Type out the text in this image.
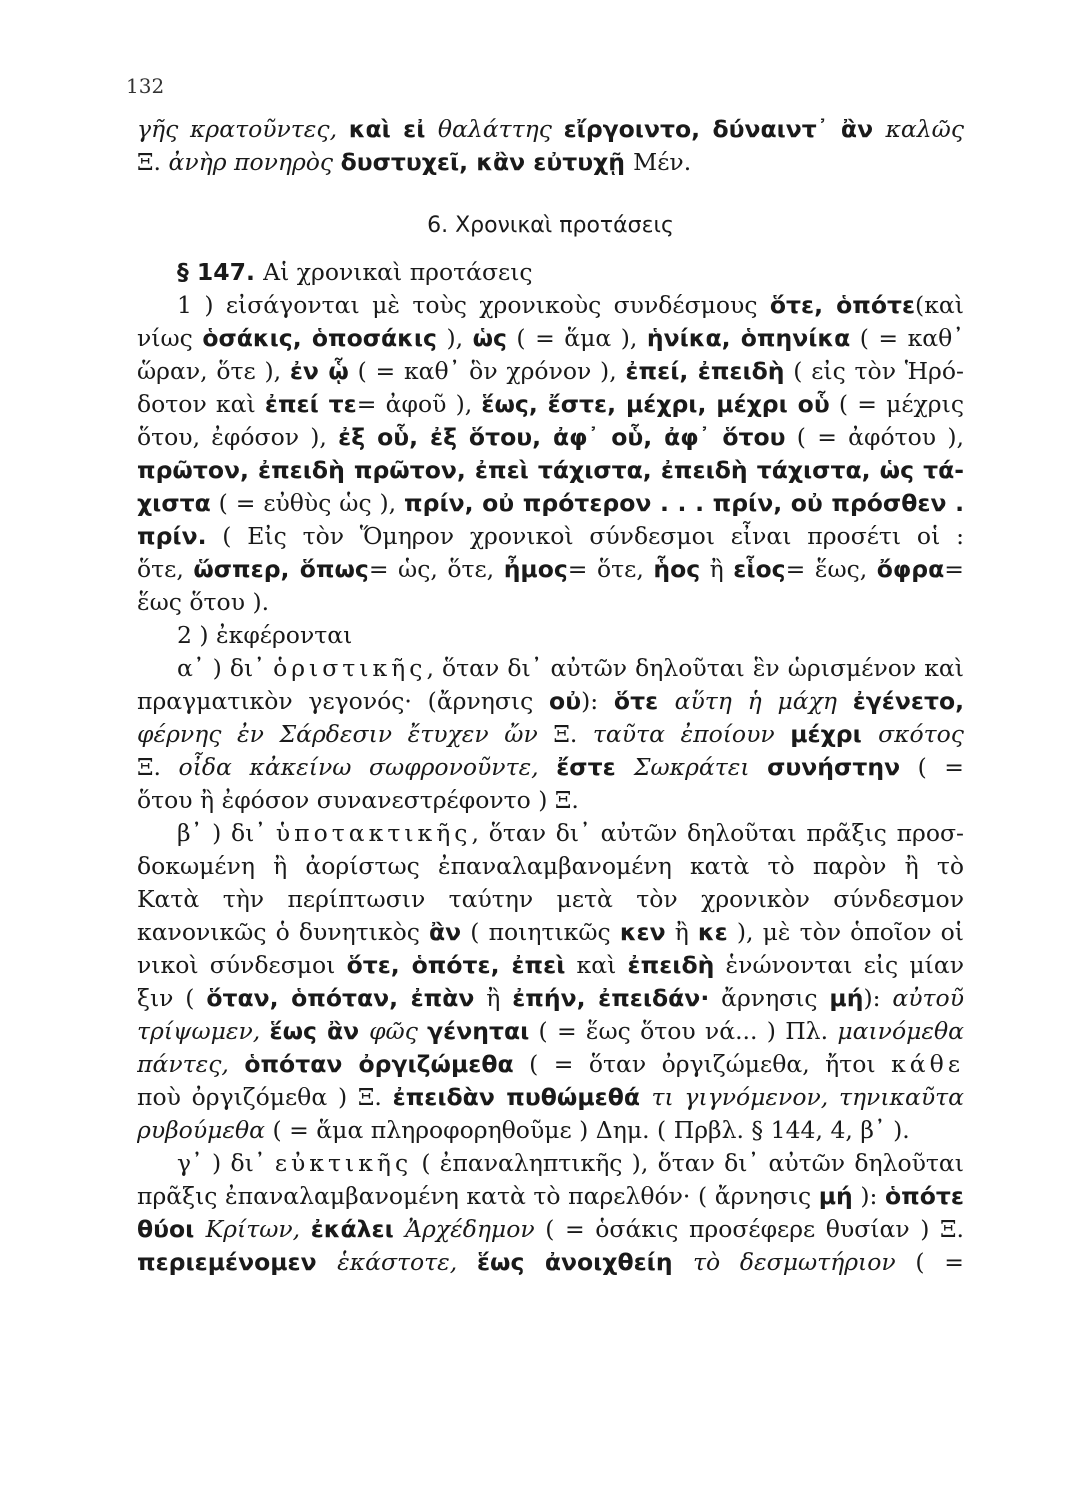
132
γῆς κρατοῦντες, καὶ εἰ θαλάττης εἴργοιντο, δύναιντ᾽ ἂν καλῶς
Ξ. ἀνὴρ πονηρὸς δυστυχεῖ, κἂν εὐτυχῇ Μέν.
6. Χρονικαὶ προτάσεις
§ 147. Αἱ χρονικαὶ προτάσεις
1 ) εἰσάγονται μὲ τοὺς χρονικοὺς συνδέσμους ὅτε, ὁπότε(καὶ
νίως ὁσάκις, ὁποσάκις ), ὡς ( = ἅμα ), ἡνίκα, ὁπηνίκα ( = καθ᾽
ὥραν, ὅτε ), ἐν ᾧ ( = καθ᾽ ὃν χρόνον ), ἐπεί, ἐπειδὴ ( εἰς τὸν Ἡρό-
δοτον καὶ ἐπεί τε= ἀφοῦ ), ἕως, ἔστε, μέχρι, μέχρι οὗ ( = μέχρις
ὅτου, ἐφόσον ), ἐξ οὗ, ἐξ ὅτου, ἀφ᾽ οὗ, ἀφ᾽ ὅτου ( = ἀφότου ),
πρῶτον, ἐπειδὴ πρῶτον, ἐπεὶ τάχιστα, ἐπειδὴ τάχιστα, ὡς τά-
χιστα ( = εὐθὺς ὡς ), πρίν, οὐ πρότερον . . . πρίν, οὐ πρόσθεν .
πρίν. ( Εἰς τὸν Ὅμηρον χρονικοὶ σύνδεσμοι εἶναι προσέτι οἱ :
ὅτε, ὥσπερ, ὅπως= ὡς, ὅτε, ἦμος= ὅτε, ἧος ἢ εἷος= ἕως, ὄφρα=
ἕως ὅτου ).
2 ) ἐκφέρονται
α᾽ ) δι᾽ ὁριστικῆς, ὅταν δι᾽ αὐτῶν δηλοῦται ἓν ὡρισμένον καὶ
πραγματικὸν γεγονός· (ἄρνησις οὐ): ὅτε αὕτη ἡ μάχη ἐγένετο,
φέρνης ἐν Σάρδεσιν ἔτυχεν ὤν Ξ. ταῦτα ἐποίουν μέχρι σκότος
Ξ. οἶδα κἀκείνω σωφρονοῦντε, ἔστε Σωκράτει συνήστην ( =
ὅτου ἢ ἐφόσον συνανεστρέφοντο ) Ξ.
β᾽ ) δι᾽ ὑποτακτικῆς, ὅταν δι᾽ αὐτῶν δηλοῦται πρᾶξις προσ-
δοκωμένη ἢ ἀορίστως ἐπαναλαμβανομένη κατὰ τὸ παρὸν ἢ τὸ
Κατὰ τὴν περίπτωσιν ταύτην μετὰ τὸν χρονικὸν σύνδεσμον
κανονικῶς ὁ δυνητικὸς ἂν ( ποιητικῶς κεν ἢ κε ), μὲ τὸν ὁποῖον οἱ
νικοὶ σύνδεσμοι ὅτε, ὁπότε, ἐπεὶ καὶ ἐπειδὴ ἑνώνονται εἰς μίαν
ξιν ( ὅταν, ὁπόταν, ἐπὰν ἢ ἐπήν, ἐπειδάν· ἄρνησις μή): αὐτοῦ
τρίψωμεν, ἕως ἂν φῶς γένηται ( = ἕως ὅτου νά... ) Πλ. μαινόμεθα
πάντες, ὁπόταν ὀργιζώμεθα ( = ὅταν ὀργιζώμεθα, ἤτοι κάθε
ποὺ ὀργιζόμεθα ) Ξ. ἐπειδὰν πυθώμεθά τι γιγνόμενον, τηνικαῦτα
ρυβούμεθα ( = ἅμα πληροφορηθοῦμε ) Δημ. ( Πρβλ. § 144, 4, β᾽ ).
γ᾽ ) δι᾽ εὐκτικῆς ( ἐπαναληπτικῆς ), ὅταν δι᾽ αὐτῶν δηλοῦται
πρᾶξις ἐπαναλαμβανομένη κατὰ τὸ παρελθόν· ( ἄρνησις μή ): ὁπότε
θύοι Κρίτων, ἐκάλει Ἀρχέδημον ( = ὁσάκις προσέφερε θυσίαν ) Ξ.
περιεμένομεν ἑκάστοτε, ἕως ἀνοιχθείη τὸ δεσμωτήριον ( =
